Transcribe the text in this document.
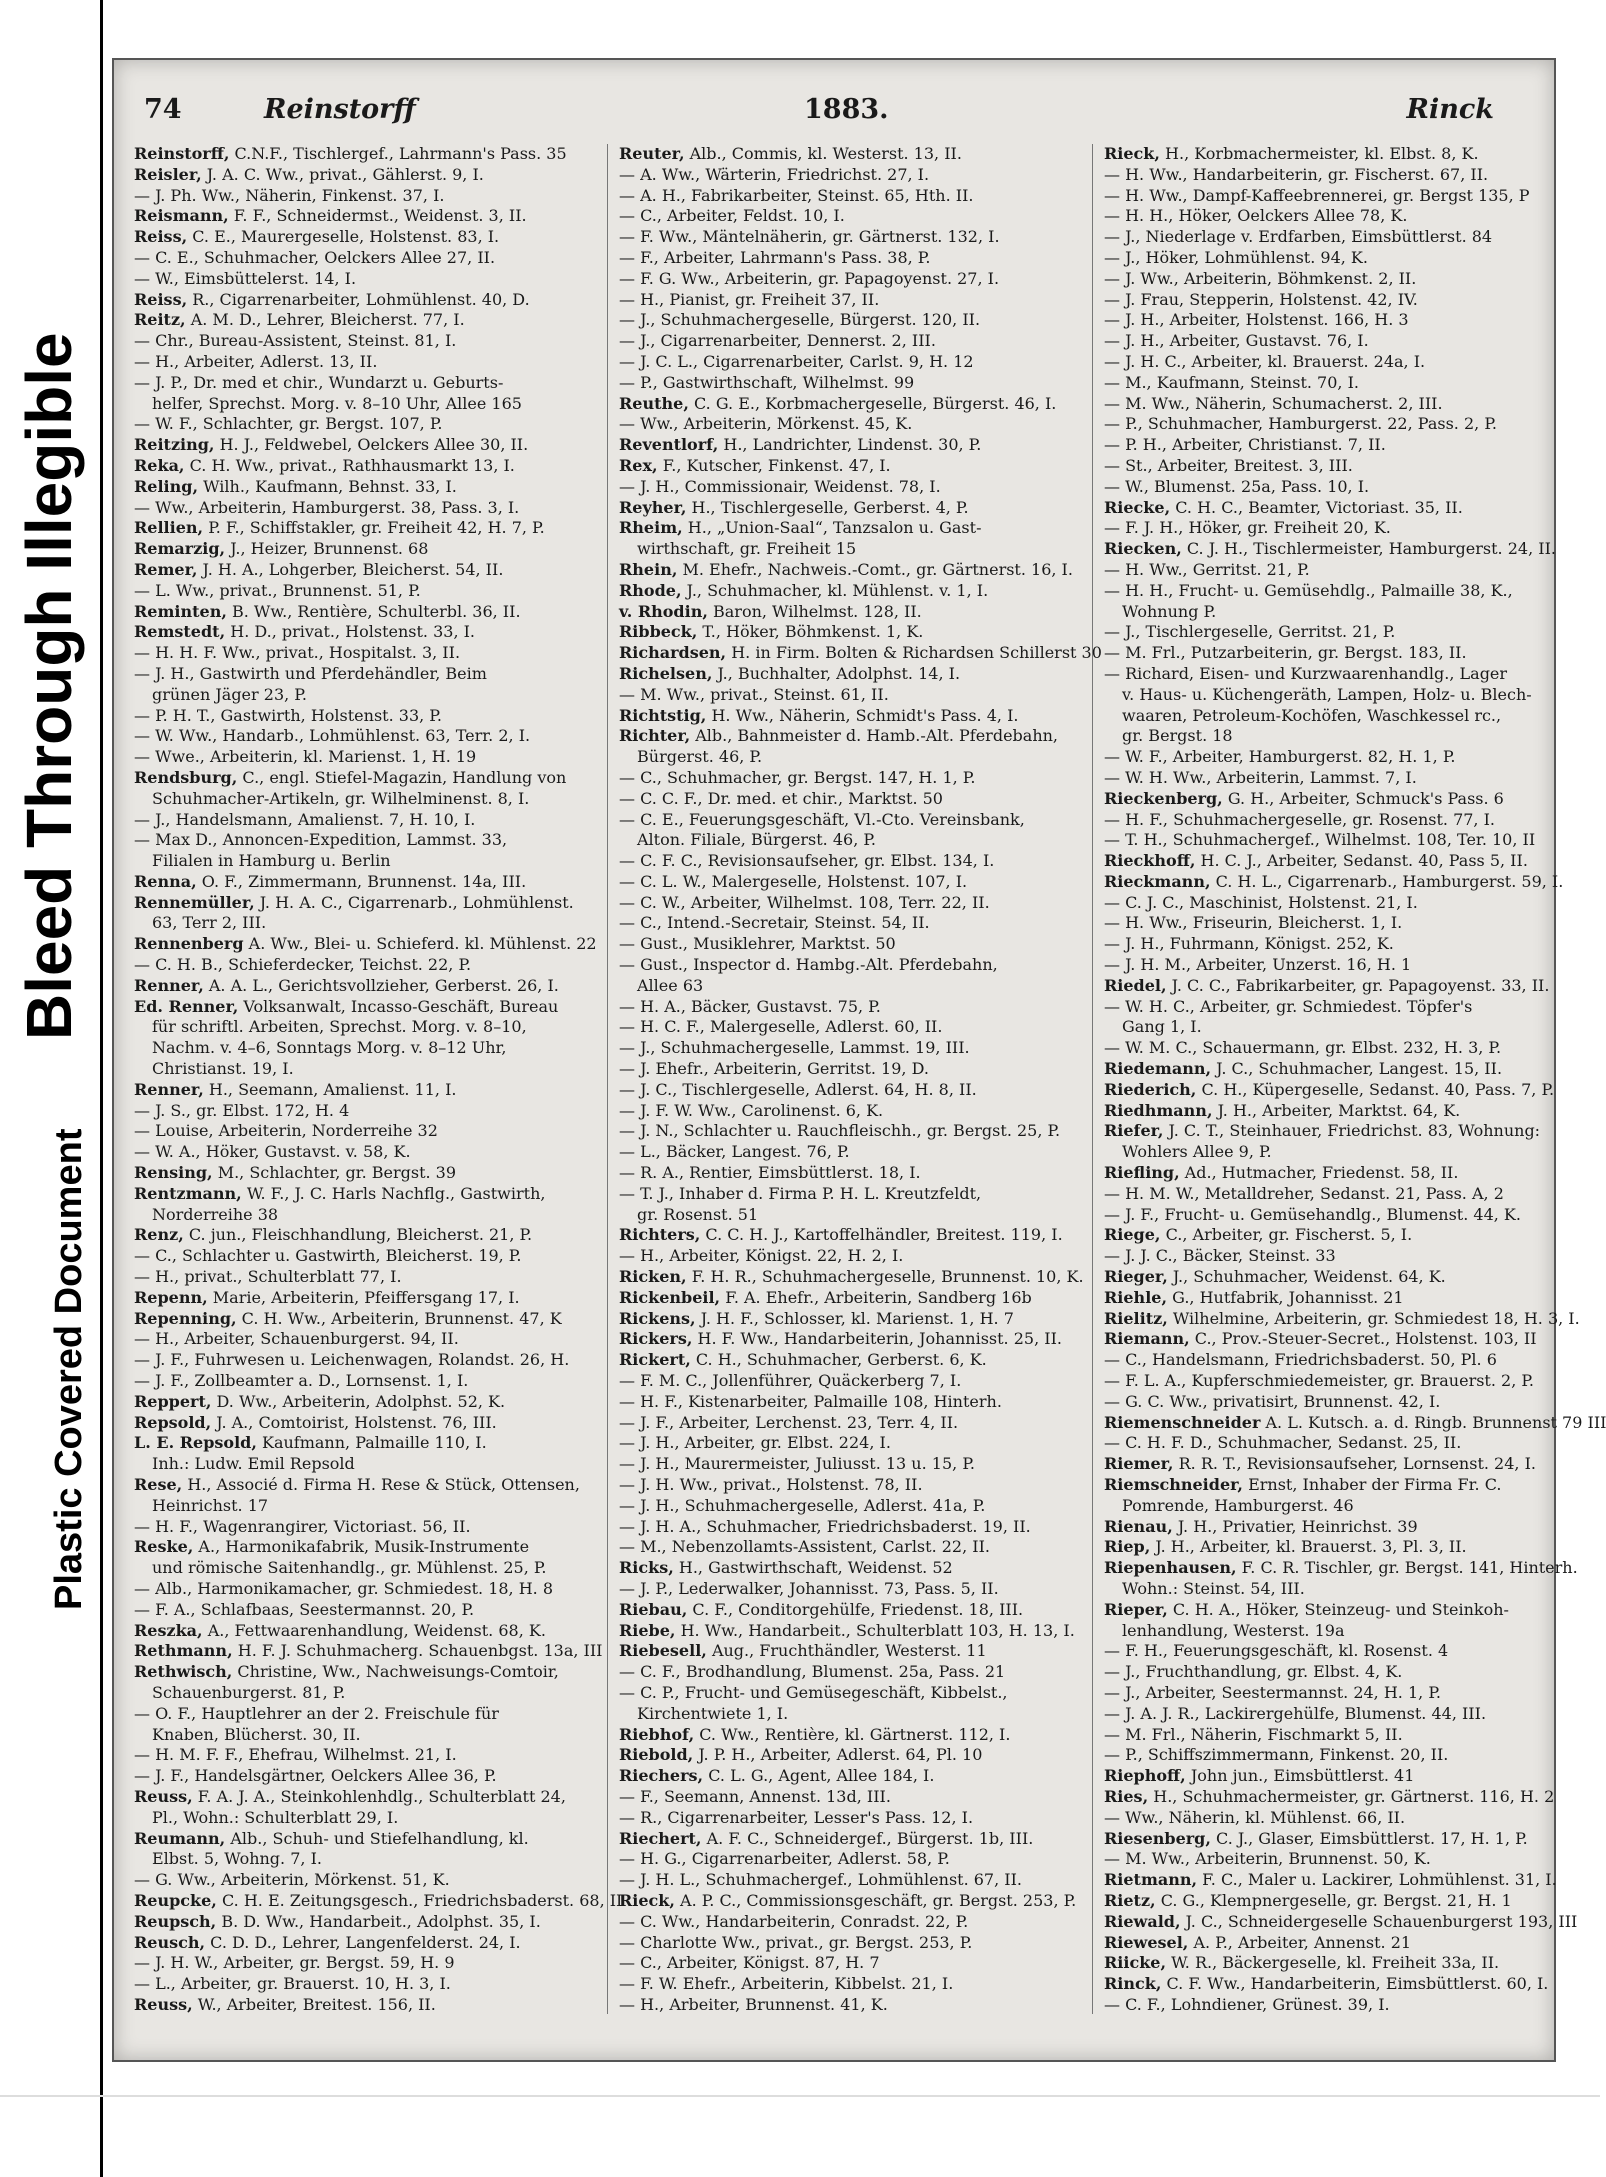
Bleed Through Illegible
Plastic Covered Document
74	Reinstorff	1883.	Rinck
Reinstorff, C.N.F., Tischlergef., Lahrmann's Pass. 35
Reisler, J. A. C. Ww., privat., Gählerst. 9, I.
— J. Ph. Ww., Näherin, Finkenst. 37, I.
Reismann, F. F., Schneidermst., Weidenst. 3, II.
Reiss, C. E., Maurergeselle, Holstenst. 83, I.
— C. E., Schuhmacher, Oelckers Allee 27, II.
— W., Eimsbüttelerst. 14, I.
Reiss, R., Cigarrenarbeiter, Lohmühlenst. 40, D.
Reitz, A. M. D., Lehrer, Bleicherst. 77, I.
— Chr., Bureau-Assistent, Steinst. 81, I.
— H., Arbeiter, Adlerst. 13, II.
— J. P., Dr. med et chir., Wundarzt u. Geburts-
helfer, Sprechst. Morg. v. 8–10 Uhr, Allee 165
— W. F., Schlachter, gr. Bergst. 107, P.
Reitzing, H. J., Feldwebel, Oelckers Allee 30, II.
Reka, C. H. Ww., privat., Rathhausmarkt 13, I.
Reling, Wilh., Kaufmann, Behnst. 33, I.
— Ww., Arbeiterin, Hamburgerst. 38, Pass. 3, I.
Rellien, P. F., Schiffstakler, gr. Freiheit 42, H. 7, P.
Remarzig, J., Heizer, Brunnenst. 68
Remer, J. H. A., Lohgerber, Bleicherst. 54, II.
— L. Ww., privat., Brunnenst. 51, P.
Reminten, B. Ww., Rentière, Schulterbl. 36, II.
Remstedt, H. D., privat., Holstenst. 33, I.
— H. H. F. Ww., privat., Hospitalst. 3, II.
— J. H., Gastwirth und Pferdehändler, Beim
grünen Jäger 23, P.
— P. H. T., Gastwirth, Holstenst. 33, P.
— W. Ww., Handarb., Lohmühlenst. 63, Terr. 2, I.
— Wwe., Arbeiterin, kl. Marienst. 1, H. 19
Rendsburg, C., engl. Stiefel-Magazin, Handlung von
Schuhmacher-Artikeln, gr. Wilhelminenst. 8, I.
— J., Handelsmann, Amalienst. 7, H. 10, I.
— Max D., Annoncen-Expedition, Lammst. 33,
Filialen in Hamburg u. Berlin
Renna, O. F., Zimmermann, Brunnenst. 14a, III.
Rennemüller, J. H. A. C., Cigarrenarb., Lohmühlenst.
63, Terr 2, III.
Rennenberg A. Ww., Blei- u. Schieferd. kl. Mühlenst. 22
— C. H. B., Schieferdecker, Teichst. 22, P.
Renner, A. A. L., Gerichtsvollzieher, Gerberst. 26, I.
Ed. Renner, Volksanwalt, Incasso-Geschäft, Bureau
für schriftl. Arbeiten, Sprechst. Morg. v. 8–10,
Nachm. v. 4–6, Sonntags Morg. v. 8–12 Uhr,
Christianst. 19, I.
Renner, H., Seemann, Amalienst. 11, I.
— J. S., gr. Elbst. 172, H. 4
— Louise, Arbeiterin, Norderreihe 32
— W. A., Höker, Gustavst. v. 58, K.
Rensing, M., Schlachter, gr. Bergst. 39
Rentzmann, W. F., J. C. Harls Nachflg., Gastwirth,
Norderreihe 38
Renz, C. jun., Fleischhandlung, Bleicherst. 21, P.
— C., Schlachter u. Gastwirth, Bleicherst. 19, P.
— H., privat., Schulterblatt 77, I.
Repenn, Marie, Arbeiterin, Pfeiffersgang 17, I.
Repenning, C. H. Ww., Arbeiterin, Brunnenst. 47, K
— H., Arbeiter, Schauenburgerst. 94, II.
— J. F., Fuhrwesen u. Leichenwagen, Rolandst. 26, H.
— J. F., Zollbeamter a. D., Lornsenst. 1, I.
Reppert, D. Ww., Arbeiterin, Adolphst. 52, K.
Repsold, J. A., Comtoirist, Holstenst. 76, III.
L. E. Repsold, Kaufmann, Palmaille 110, I.
Inh.: Ludw. Emil Repsold
Rese, H., Associé d. Firma H. Rese & Stück, Ottensen,
Heinrichst. 17
— H. F., Wagenrangirer, Victoriast. 56, II.
Reske, A., Harmonikafabrik, Musik-Instrumente
und römische Saitenhandlg., gr. Mühlenst. 25, P.
— Alb., Harmonikamacher, gr. Schmiedest. 18, H. 8
— F. A., Schlafbaas, Seestermannst. 20, P.
Reszka, A., Fettwaarenhandlung, Weidenst. 68, K.
Rethmann, H. F. J. Schuhmacherg. Schauenbgst. 13a, III
Rethwisch, Christine, Ww., Nachweisungs-Comtoir,
Schauenburgerst. 81, P.
— O. F., Hauptlehrer an der 2. Freischule für
Knaben, Blücherst. 30, II.
— H. M. F. F., Ehefrau, Wilhelmst. 21, I.
— J. F., Handelsgärtner, Oelckers Allee 36, P.
Reuss, F. A. J. A., Steinkohlenhdlg., Schulterblatt 24,
Pl., Wohn.: Schulterblatt 29, I.
Reumann, Alb., Schuh- und Stiefelhandlung, kl.
Elbst. 5, Wohng. 7, I.
— G. Ww., Arbeiterin, Mörkenst. 51, K.
Reupcke, C. H. E. Zeitungsgesch., Friedrichsbaderst. 68, II
Reupsch, B. D. Ww., Handarbeit., Adolphst. 35, I.
Reusch, C. D. D., Lehrer, Langenfelderst. 24, I.
— J. H. W., Arbeiter, gr. Bergst. 59, H. 9
— L., Arbeiter, gr. Brauerst. 10, H. 3, I.
Reuss, W., Arbeiter, Breitest. 156, II.
Reuter, Alb., Commis, kl. Westerst. 13, II.
— A. Ww., Wärterin, Friedrichst. 27, I.
— A. H., Fabrikarbeiter, Steinst. 65, Hth. II.
— C., Arbeiter, Feldst. 10, I.
— F. Ww., Mäntelnäherin, gr. Gärtnerst. 132, I.
— F., Arbeiter, Lahrmann's Pass. 38, P.
— F. G. Ww., Arbeiterin, gr. Papagoyenst. 27, I.
— H., Pianist, gr. Freiheit 37, II.
— J., Schuhmachergeselle, Bürgerst. 120, II.
— J., Cigarrenarbeiter, Dennerst. 2, III.
— J. C. L., Cigarrenarbeiter, Carlst. 9, H. 12
— P., Gastwirthschaft, Wilhelmst. 99
Reuthe, C. G. E., Korbmachergeselle, Bürgerst. 46, I.
— Ww., Arbeiterin, Mörkenst. 45, K.
Reventlorf, H., Landrichter, Lindenst. 30, P.
Rex, F., Kutscher, Finkenst. 47, I.
— J. H., Commissionair, Weidenst. 78, I.
Reyher, H., Tischlergeselle, Gerberst. 4, P.
Rheim, H., „Union-Saal“, Tanzsalon u. Gast-
wirthschaft, gr. Freiheit 15
Rhein, M. Ehefr., Nachweis.-Comt., gr. Gärtnerst. 16, I.
Rhode, J., Schuhmacher, kl. Mühlenst. v. 1, I.
v. Rhodin, Baron, Wilhelmst. 128, II.
Ribbeck, T., Höker, Böhmkenst. 1, K.
Richardsen, H. in Firm. Bolten & Richardsen Schillerst 30
Richelsen, J., Buchhalter, Adolphst. 14, I.
— M. Ww., privat., Steinst. 61, II.
Richtstig, H. Ww., Näherin, Schmidt's Pass. 4, I.
Richter, Alb., Bahnmeister d. Hamb.-Alt. Pferdebahn,
Bürgerst. 46, P.
— C., Schuhmacher, gr. Bergst. 147, H. 1, P.
— C. C. F., Dr. med. et chir., Marktst. 50
— C. E., Feuerungsgeschäft, Vl.-Cto. Vereinsbank,
Alton. Filiale, Bürgerst. 46, P.
— C. F. C., Revisionsaufseher, gr. Elbst. 134, I.
— C. L. W., Malergeselle, Holstenst. 107, I.
— C. W., Arbeiter, Wilhelmst. 108, Terr. 22, II.
— C., Intend.-Secretair, Steinst. 54, II.
— Gust., Musiklehrer, Marktst. 50
— Gust., Inspector d. Hambg.-Alt. Pferdebahn,
Allee 63
— H. A., Bäcker, Gustavst. 75, P.
— H. C. F., Malergeselle, Adlerst. 60, II.
— J., Schuhmachergeselle, Lammst. 19, III.
— J. Ehefr., Arbeiterin, Gerritst. 19, D.
— J. C., Tischlergeselle, Adlerst. 64, H. 8, II.
— J. F. W. Ww., Carolinenst. 6, K.
— J. N., Schlachter u. Rauchfleischh., gr. Bergst. 25, P.
— L., Bäcker, Langest. 76, P.
— R. A., Rentier, Eimsbüttlerst. 18, I.
— T. J., Inhaber d. Firma P. H. L. Kreutzfeldt,
gr. Rosenst. 51
Richters, C. C. H. J., Kartoffelhändler, Breitest. 119, I.
— H., Arbeiter, Königst. 22, H. 2, I.
Ricken, F. H. R., Schuhmachergeselle, Brunnenst. 10, K.
Rickenbeil, F. A. Ehefr., Arbeiterin, Sandberg 16b
Rickens, J. H. F., Schlosser, kl. Marienst. 1, H. 7
Rickers, H. F. Ww., Handarbeiterin, Johannisst. 25, II.
Rickert, C. H., Schuhmacher, Gerberst. 6, K.
— F. M. C., Jollenführer, Quäckerberg 7, I.
— H. F., Kistenarbeiter, Palmaille 108, Hinterh.
— J. F., Arbeiter, Lerchenst. 23, Terr. 4, II.
— J. H., Arbeiter, gr. Elbst. 224, I.
— J. H., Maurermeister, Juliusst. 13 u. 15, P.
— J. H. Ww., privat., Holstenst. 78, II.
— J. H., Schuhmachergeselle, Adlerst. 41a, P.
— J. H. A., Schuhmacher, Friedrichsbaderst. 19, II.
— M., Nebenzollamts-Assistent, Carlst. 22, II.
Ricks, H., Gastwirthschaft, Weidenst. 52
— J. P., Lederwalker, Johannisst. 73, Pass. 5, II.
Riebau, C. F., Conditorgehülfe, Friedenst. 18, III.
Riebe, H. Ww., Handarbeit., Schulterblatt 103, H. 13, I.
Riebesell, Aug., Fruchthändler, Westerst. 11
— C. F., Brodhandlung, Blumenst. 25a, Pass. 21
— C. P., Frucht- und Gemüsegeschäft, Kibbelst.,
Kirchentwiete 1, I.
Riebhof, C. Ww., Rentière, kl. Gärtnerst. 112, I.
Riebold, J. P. H., Arbeiter, Adlerst. 64, Pl. 10
Riechers, C. L. G., Agent, Allee 184, I.
— F., Seemann, Annenst. 13d, III.
— R., Cigarrenarbeiter, Lesser's Pass. 12, I.
Riechert, A. F. C., Schneidergef., Bürgerst. 1b, III.
— H. G., Cigarrenarbeiter, Adlerst. 58, P.
— J. H. L., Schuhmachergef., Lohmühlenst. 67, II.
Rieck, A. P. C., Commissionsgeschäft, gr. Bergst. 253, P.
— C. Ww., Handarbeiterin, Conradst. 22, P.
— Charlotte Ww., privat., gr. Bergst. 253, P.
— C., Arbeiter, Königst. 87, H. 7
— F. W. Ehefr., Arbeiterin, Kibbelst. 21, I.
— H., Arbeiter, Brunnenst. 41, K.
Rieck, H., Korbmachermeister, kl. Elbst. 8, K.
— H. Ww., Handarbeiterin, gr. Fischerst. 67, II.
— H. Ww., Dampf-Kaffeebrennerei, gr. Bergst 135, P
— H. H., Höker, Oelckers Allee 78, K.
— J., Niederlage v. Erdfarben, Eimsbüttlerst. 84
— J., Höker, Lohmühlenst. 94, K.
— J. Ww., Arbeiterin, Böhmkenst. 2, II.
— J. Frau, Stepperin, Holstenst. 42, IV.
— J. H., Arbeiter, Holstenst. 166, H. 3
— J. H., Arbeiter, Gustavst. 76, I.
— J. H. C., Arbeiter, kl. Brauerst. 24a, I.
— M., Kaufmann, Steinst. 70, I.
— M. Ww., Näherin, Schumacherst. 2, III.
— P., Schuhmacher, Hamburgerst. 22, Pass. 2, P.
— P. H., Arbeiter, Christianst. 7, II.
— St., Arbeiter, Breitest. 3, III.
— W., Blumenst. 25a, Pass. 10, I.
Riecke, C. H. C., Beamter, Victoriast. 35, II.
— F. J. H., Höker, gr. Freiheit 20, K.
Riecken, C. J. H., Tischlermeister, Hamburgerst. 24, II.
— H. Ww., Gerritst. 21, P.
— H. H., Frucht- u. Gemüsehdlg., Palmaille 38, K.,
Wohnung P.
— J., Tischlergeselle, Gerritst. 21, P.
— M. Frl., Putzarbeiterin, gr. Bergst. 183, II.
— Richard, Eisen- und Kurzwaarenhandlg., Lager
v. Haus- u. Küchengeräth, Lampen, Holz- u. Blech-
waaren, Petroleum-Kochöfen, Waschkessel rc.,
gr. Bergst. 18
— W. F., Arbeiter, Hamburgerst. 82, H. 1, P.
— W. H. Ww., Arbeiterin, Lammst. 7, I.
Rieckenberg, G. H., Arbeiter, Schmuck's Pass. 6
— H. F., Schuhmachergeselle, gr. Rosenst. 77, I.
— T. H., Schuhmachergef., Wilhelmst. 108, Ter. 10, II
Rieckhoff, H. C. J., Arbeiter, Sedanst. 40, Pass 5, II.
Rieckmann, C. H. L., Cigarrenarb., Hamburgerst. 59, I.
— C. J. C., Maschinist, Holstenst. 21, I.
— H. Ww., Friseurin, Bleicherst. 1, I.
— J. H., Fuhrmann, Königst. 252, K.
— J. H. M., Arbeiter, Unzerst. 16, H. 1
Riedel, J. C. C., Fabrikarbeiter, gr. Papagoyenst. 33, II.
— W. H. C., Arbeiter, gr. Schmiedest. Töpfer's
Gang 1, I.
— W. M. C., Schauermann, gr. Elbst. 232, H. 3, P.
Riedemann, J. C., Schuhmacher, Langest. 15, II.
Riederich, C. H., Küpergeselle, Sedanst. 40, Pass. 7, P.
Riedhmann, J. H., Arbeiter, Marktst. 64, K.
Riefer, J. C. T., Steinhauer, Friedrichst. 83, Wohnung:
Wohlers Allee 9, P.
Riefling, Ad., Hutmacher, Friedenst. 58, II.
— H. M. W., Metalldreher, Sedanst. 21, Pass. A, 2
— J. F., Frucht- u. Gemüsehandlg., Blumenst. 44, K.
Riege, C., Arbeiter, gr. Fischerst. 5, I.
— J. J. C., Bäcker, Steinst. 33
Rieger, J., Schuhmacher, Weidenst. 64, K.
Riehle, G., Hutfabrik, Johannisst. 21
Rielitz, Wilhelmine, Arbeiterin, gr. Schmiedest 18, H. 3, I.
Riemann, C., Prov.-Steuer-Secret., Holstenst. 103, II
— C., Handelsmann, Friedrichsbaderst. 50, Pl. 6
— F. L. A., Kupferschmiedemeister, gr. Brauerst. 2, P.
— G. C. Ww., privatisirt, Brunnenst. 42, I.
Riemenschneider A. L. Kutsch. a. d. Ringb. Brunnenst 79 III
— C. H. F. D., Schuhmacher, Sedanst. 25, II.
Riemer, R. R. T., Revisionsaufseher, Lornsenst. 24, I.
Riemschneider, Ernst, Inhaber der Firma Fr. C.
Pomrende, Hamburgerst. 46
Rienau, J. H., Privatier, Heinrichst. 39
Riep, J. H., Arbeiter, kl. Brauerst. 3, Pl. 3, II.
Riepenhausen, F. C. R. Tischler, gr. Bergst. 141, Hinterh.
Wohn.: Steinst. 54, III.
Rieper, C. H. A., Höker, Steinzeug- und Steinkoh-
lenhandlung, Westerst. 19a
— F. H., Feuerungsgeschäft, kl. Rosenst. 4
— J., Fruchthandlung, gr. Elbst. 4, K.
— J., Arbeiter, Seestermannst. 24, H. 1, P.
— J. A. J. R., Lackirergehülfe, Blumenst. 44, III.
— M. Frl., Näherin, Fischmarkt 5, II.
— P., Schiffszimmermann, Finkenst. 20, II.
Riephoff, John jun., Eimsbüttlerst. 41
Ries, H., Schuhmachermeister, gr. Gärtnerst. 116, H. 2
— Ww., Näherin, kl. Mühlenst. 66, II.
Riesenberg, C. J., Glaser, Eimsbüttlerst. 17, H. 1, P.
— M. Ww., Arbeiterin, Brunnenst. 50, K.
Rietmann, F. C., Maler u. Lackirer, Lohmühlenst. 31, I.
Rietz, C. G., Klempnergeselle, gr. Bergst. 21, H. 1
Riewald, J. C., Schneidergeselle Schauenburgerst 193, III
Riewesel, A. P., Arbeiter, Annenst. 21
Riicke, W. R., Bäckergeselle, kl. Freiheit 33a, II.
Rinck, C. F. Ww., Handarbeiterin, Eimsbüttlerst. 60, I.
— C. F., Lohndiener, Grünest. 39, I.
